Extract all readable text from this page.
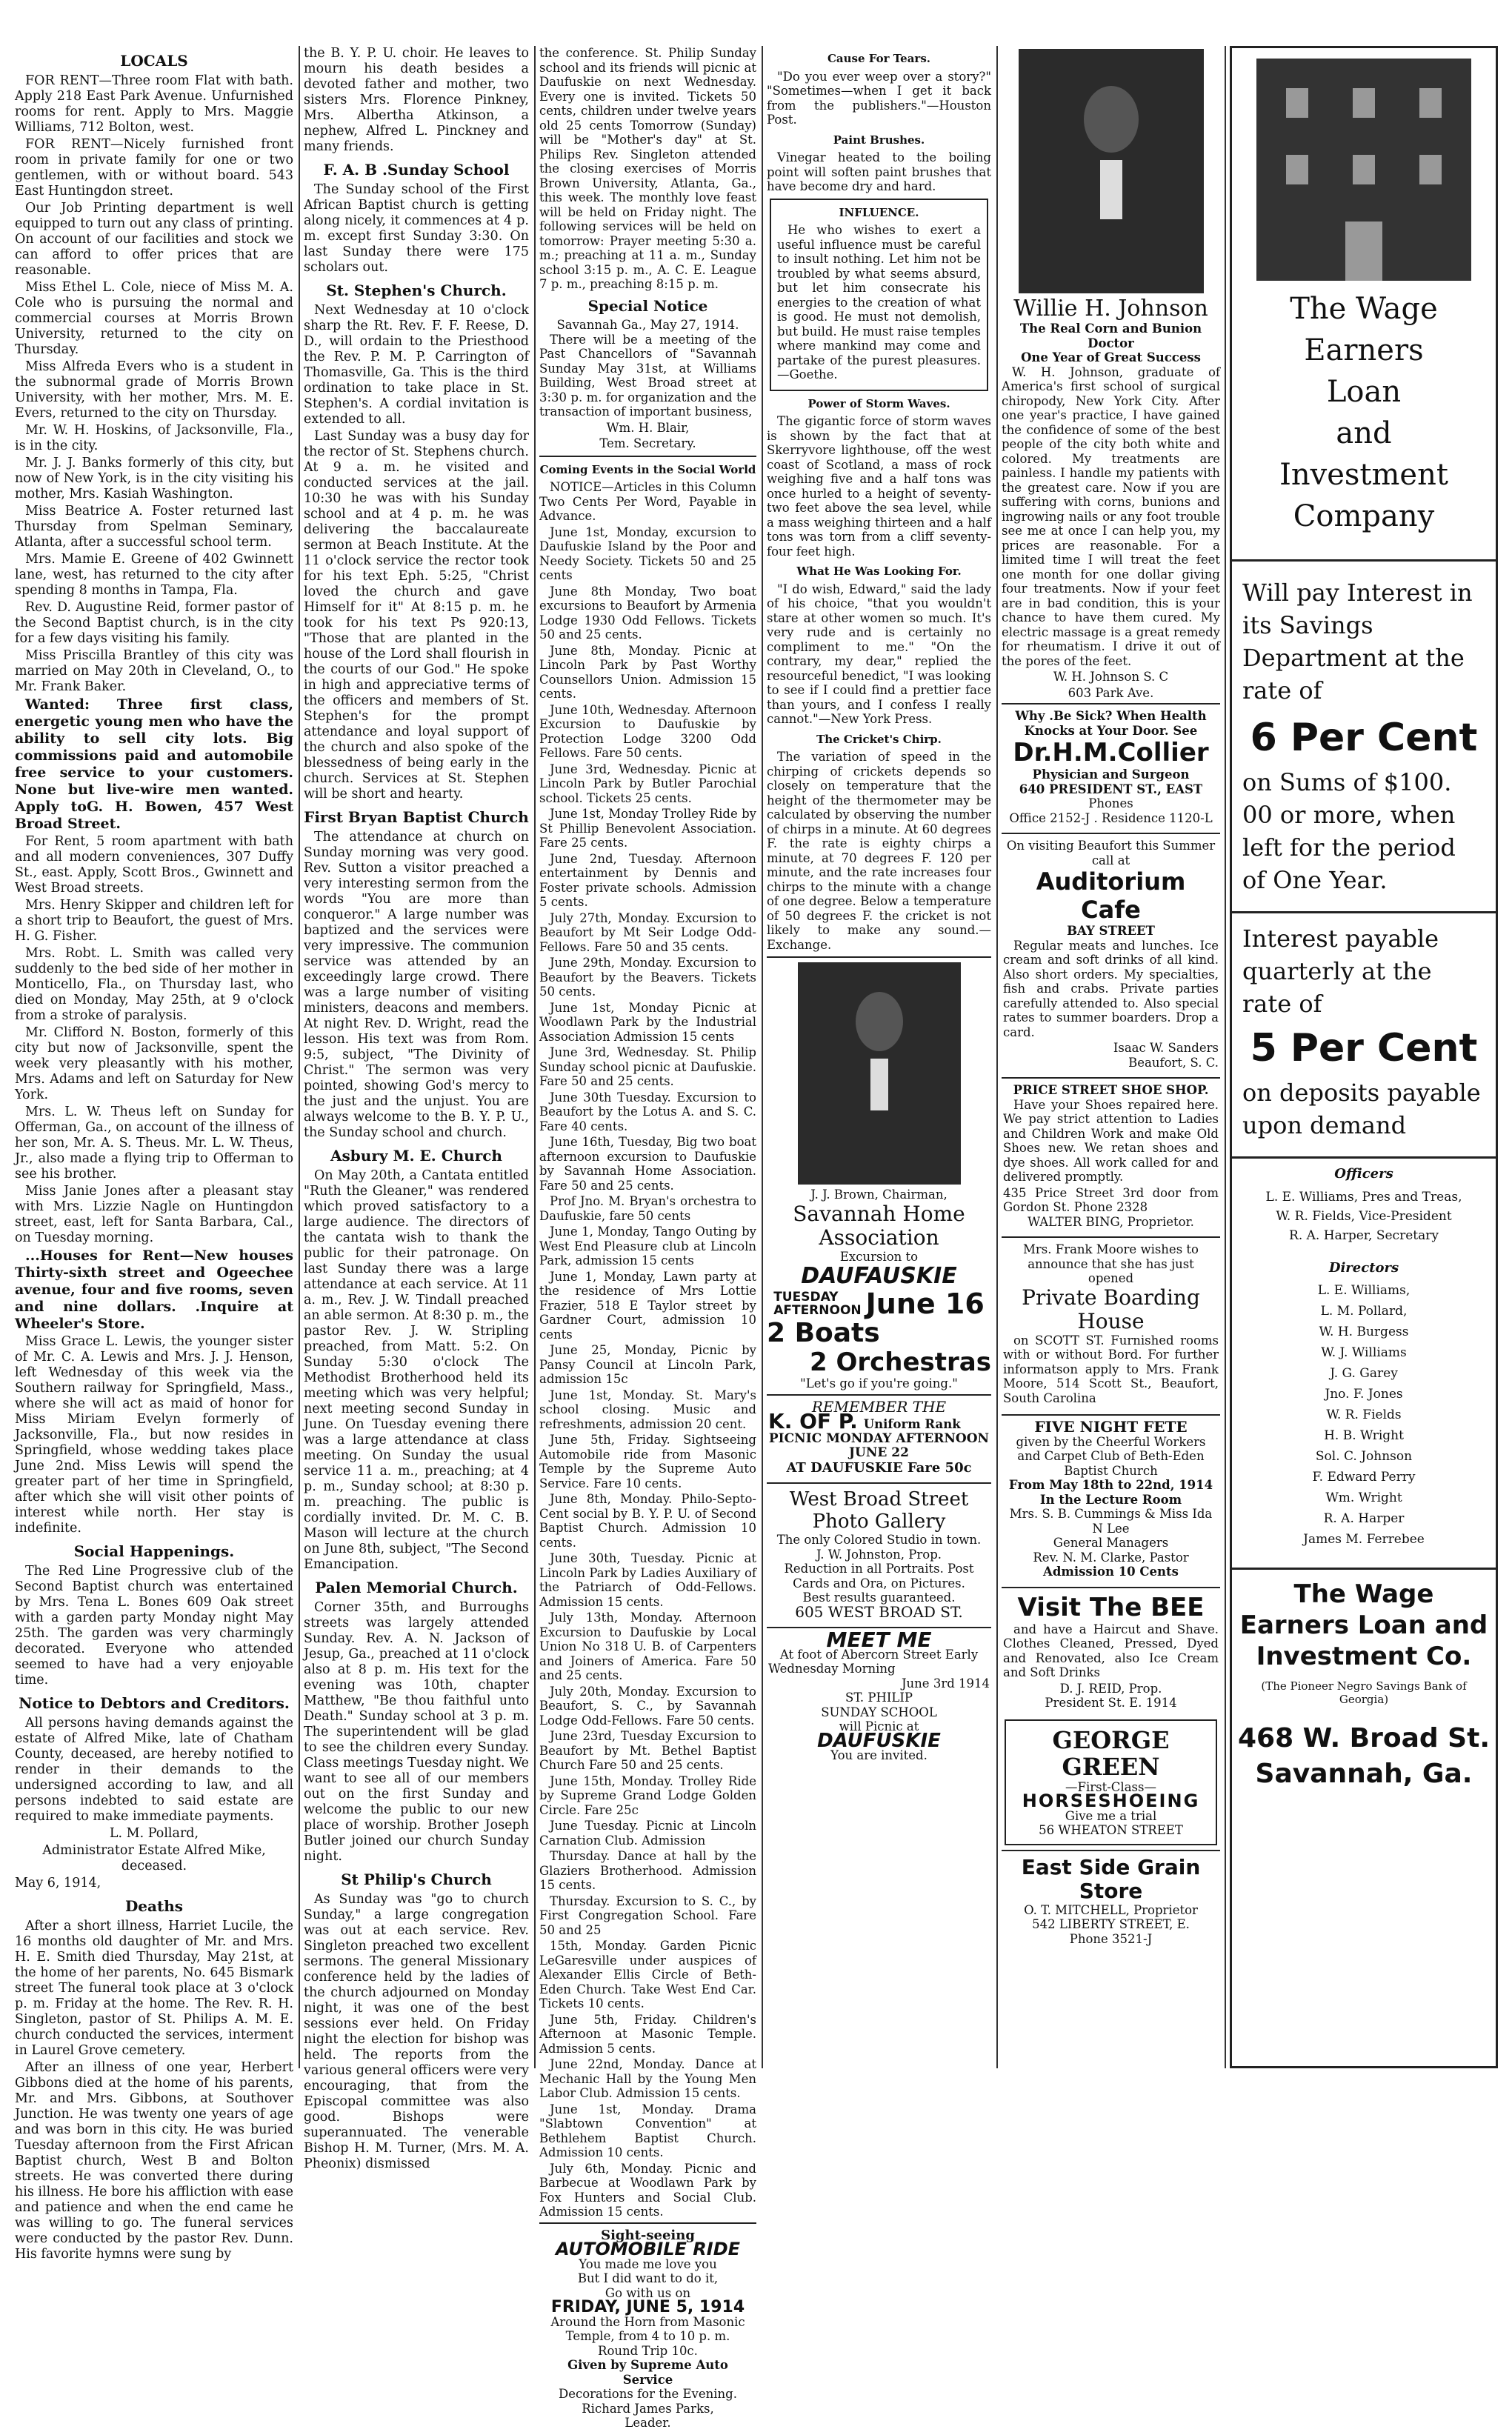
LOCALS

FOR RENT—Three room Flat with bath. Apply 218 East Park Avenue. Unfurnished rooms for rent. Apply to Mrs. Maggie Williams, 712 Bolton, west.

FOR RENT—Nicely furnished front room in private family for one or two gentlemen, with or without board. 543 East Huntingdon street.

Our Job Printing department is well equipped to turn out any class of printing. On account of our facilities and stock we can afford to offer prices that are reasonable.

Miss Ethel L. Cole, niece of Miss M. A. Cole who is pursuing the normal and commercial courses at Morris Brown University, returned to the city on Thursday.

Miss Alfreda Evers who is a student in the subnormal grade of Morris Brown University, with her mother, Mrs. M. E. Evers, returned to the city on Thursday.

Mr. W. H. Hoskins, of Jacksonville, Fla., is in the city.

Mr. J. J. Banks formerly of this city, but now of New York, is in the city visiting his mother, Mrs. Kasiah Washington.

Miss Beatrice A. Foster returned last Thursday from Spelman Seminary, Atlanta, after a successful school term.

Mrs. Mamie E. Greene of 402 Gwinnett lane, west, has returned to the city after spending 8 months in Tampa, Fla.

Rev. D. Augustine Reid, former pastor of the Second Baptist church, is in the city for a few days visiting his family.

Miss Priscilla Brantley of this city was married on May 20th in Cleveland, O., to Mr. Frank Baker.

Wanted: Three first class, energetic young men who have the ability to sell city lots. Big commissions paid and automobile free service to your customers. None but live-wire men wanted. Apply toG. H. Bowen, 457 West Broad Street.

For Rent, 5 room apartment with bath and all modern conveniences, 307 Duffy St., east. Apply, Scott Bros., Gwinnett and West Broad streets.

Mrs. Henry Skipper and children left for a short trip to Beaufort, the guest of Mrs. H. G. Fisher.

Mrs. Robt. L. Smith was called very suddenly to the bed side of her mother in Monticello, Fla., on Thursday last, who died on Monday, May 25th, at 9 o'clock from a stroke of paralysis.

Mr. Clifford N. Boston, formerly of this city but now of Jacksonville, spent the week very pleasantly with his mother, Mrs. Adams and left on Saturday for New York.

Mrs. L. W. Theus left on Sunday for Offerman, Ga., on account of the illness of her son, Mr. A. S. Theus. Mr. L. W. Theus, Jr., also made a flying trip to Offerman to see his brother.

Miss Janie Jones after a pleasant stay with Mrs. Lizzie Nagle on Huntingdon street, east, left for Santa Barbara, Cal., on Tuesday morning.

...Houses for Rent—New houses Thirty-sixth street and Ogeechee avenue, four and five rooms, seven and nine dollars. .Inquire at Wheeler's Store.

Miss Grace L. Lewis, the younger sister of Mr. C. A. Lewis and Mrs. J. J. Henson, left Wednesday of this week via the Southern railway for Springfield, Mass., where she will act as maid of honor for Miss Miriam Evelyn formerly of Jacksonville, Fla., but now resides in Springfield, whose wedding takes place June 2nd. Miss Lewis will spend the greater part of her time in Springfield, after which she will visit other points of interest while north. Her stay is indefinite.

Social Happenings.

The Red Line Progressive club of the Second Baptist church was entertained by Mrs. Tena L. Bones 609 Oak street with a garden party Monday night May 25th. The garden was very charmingly decorated. Everyone who attended seemed to have had a very enjoyable time.

Notice to Debtors and Creditors.

All persons having demands against the estate of Alfred Mike, late of Chatham County, deceased, are hereby notified to render in their demands to the undersigned according to law, and all persons indebted to said estate are required to make immediate payments.

L. M. Pollard,
Administrator Estate Alfred Mike, deceased.
May 6, 1914,
Deaths

After a short illness, Harriet Lucile, the 16 months old daughter of Mr. and Mrs. H. E. Smith died Thursday, May 21st, at the home of her parents, No. 645 Bismark street The funeral took place at 3 o'clock p. m. Friday at the home. The Rev. R. H. Singleton, pastor of St. Philips A. M. E. church conducted the services, interment in Laurel Grove cemetery.

After an illness of one year, Herbert Gibbons died at the home of his parents, Mr. and Mrs. Gibbons, at Southover Junction. He was twenty one years of age and was born in this city. He was buried Tuesday afternoon from the First African Baptist church, West B and Bolton streets. He was converted there during his illness. He bore his affliction with ease and patience and when the end came he was willing to go. The funeral services were conducted by the pastor Rev. Dunn. His favorite hymns were sung by

the B. Y. P. U. choir. He leaves to mourn his death besides a devoted father and mother, two sisters Mrs. Florence Pinkney, Mrs. Albertha Atkinson, a nephew, Alfred L. Pinckney and many friends.

F. A. B .Sunday School

The Sunday school of the First African Baptist church is getting along nicely, it commences at 4 p. m. except first Sunday 3:30. On last Sunday there were 175 scholars out.

St. Stephen's Church.

Next Wednesday at 10 o'clock sharp the Rt. Rev. F. F. Reese, D. D., will ordain to the Priesthood the Rev. P. M. P. Carrington of Thomasville, Ga. This is the third ordination to take place in St. Stephen's. A cordial invitation is extended to all.

Last Sunday was a busy day for the rector of St. Stephens church. At 9 a. m. he visited and conducted services at the jail. 10:30 he was with his Sunday school and at 4 p. m. he was delivering the baccalaureate sermon at Beach Institute. At the 11 o'clock service the rector took for his text Eph. 5:25, "Christ loved the church and gave Himself for it" At 8:15 p. m. he took for his text Ps 920:13, "Those that are planted in the house of the Lord shall flourish in the courts of our God." He spoke in high and appreciative terms of the officers and members of St. Stephen's for the prompt attendance and loyal support of the church and also spoke of the blessedness of being early in the church. Services at St. Stephen will be short and hearty.

First Bryan Baptist Church

The attendance at church on Sunday morning was very good. Rev. Sutton a visitor preached a very interesting sermon from the words "You are more than conqueror." A large number was baptized and the services were very impressive. The communion service was attended by an exceedingly large crowd. There was a large number of visiting ministers, deacons and members. At night Rev. D. Wright, read the lesson. His text was from Rom. 9:5, subject, "The Divinity of Christ." The sermon was very pointed, showing God's mercy to the just and the unjust. You are always welcome to the B. Y. P. U., the Sunday school and church.

Asbury M. E. Church

On May 20th, a Cantata entitled "Ruth the Gleaner," was rendered which proved satisfactory to a large audience. The directors of the cantata wish to thank the public for their patronage. On last Sunday there was a large attendance at each service. At 11 a. m., Rev. J. W. Tindall preached an able sermon. At 8:30 p. m., the pastor Rev. J. W. Stripling preached, from Matt. 5:2. On Sunday 5:30 o'clock The Methodist Brotherhood held its meeting which was very helpful; next meeting second Sunday in June. On Tuesday evening there was a large attendance at class meeting. On Sunday the usual service 11 a. m., preaching; at 4 p. m., Sunday school; at 8:30 p. m. preaching. The public is cordially invited. Dr. M. C. B. Mason will lecture at the church on June 8th, subject, "The Second Emancipation.

Palen Memorial Church.

Corner 35th, and Burroughs streets was largely attended Sunday. Rev. A. N. Jackson of Jesup, Ga., preached at 11 o'clock also at 8 p. m. His text for the evening was 10th, chapter Matthew, "Be thou faithful unto Death." Sunday school at 3 p. m. The superintendent will be glad to see the children every Sunday. Class meetings Tuesday night. We want to see all of our members out on the first Sunday and welcome the public to our new place of worship. Brother Joseph Butler joined our church Sunday night.

St Philip's Church

As Sunday was "go to church Sunday," a large congregation was out at each service. Rev. Singleton preached two excellent sermons. The general Missionary conference held by the ladies of the church adjourned on Monday night, it was one of the best sessions ever held. On Friday night the election for bishop was held. The reports from the various general officers were very encouraging, that from the Episcopal committee was also good. Bishops were superannuated. The venerable Bishop H. M. Turner, (Mrs. M. A. Pheonix) dismissed

the conference. St. Philip Sunday school and its friends will picnic at Daufuskie on next Wednesday. Every one is invited. Tickets 50 cents, children under twelve years old 25 cents Tomorrow (Sunday) will be "Mother's day" at St. Philips Rev. Singleton attended the closing exercises of Morris Brown University, Atlanta, Ga., this week. The monthly love feast will be held on Friday night. The following services will be held on tomorrow: Prayer meeting 5:30 a. m.; preaching at 11 a. m., Sunday school 3:15 p. m., A. C. E. League 7 p. m., preaching 8:15 p. m.

Special Notice
Savannah Ga., May 27, 1914.

There will be a meeting of the Past Chancellors of "Savannah Sunday May 31st, at Williams Building, West Broad street at 3:30 p. m. for organization and the transaction of important business,

Wm. H. Blair,
Tem. Secretary.
Coming Events in the Social World

NOTICE—Articles in this Column Two Cents Per Word, Payable in Advance.

June 1st, Monday, excursion to Daufuskie Island by the Poor and Needy Society. Tickets 50 and 25 cents

June 8th Monday, Two boat excursions to Beaufort by Armenia Lodge 1930 Odd Fellows. Tickets 50 and 25 cents.

June 8th, Monday. Picnic at Lincoln Park by Past Worthy Counsellors Union. Admission 15 cents.

June 10th, Wednesday. Afternoon Excursion to Daufuskie by Protection Lodge 3200 Odd Fellows. Fare 50 cents.

June 3rd, Wednesday. Picnic at Lincoln Park by Butler Parochial school. Tickets 25 cents.

June 1st, Monday Trolley Ride by St Phillip Benevolent Association. Fare 25 cents.

June 2nd, Tuesday. Afternoon entertainment by Dennis and Foster private schools. Admission 5 cents.

July 27th, Monday. Excursion to Beaufort by Mt Seir Lodge Odd-Fellows. Fare 50 and 35 cents.

June 29th, Monday. Excursion to Beaufort by the Beavers. Tickets 50 cents.

June 1st, Monday Picnic at Woodlawn Park by the Industrial Association Admission 15 cents

June 3rd, Wednesday. St. Philip Sunday school picnic at Daufuskie. Fare 50 and 25 cents.

June 30th Tuesday. Excursion to Beaufort by the Lotus A. and S. C. Fare 40 cents.

June 16th, Tuesday, Big two boat afternoon excursion to Daufuskie by Savannah Home Association. Fare 50 and 25 cents.

Prof Jno. M. Bryan's orchestra to Daufuskie, fare 50 cents

June 1, Monday, Tango Outing by West End Pleasure club at Lincoln Park, admission 15 cents

June 1, Monday, Lawn party at the residence of Mrs Lottie Frazier, 518 E Taylor street by Gardner Court, admission 10 cents

June 25, Monday, Picnic by Pansy Council at Lincoln Park, admission 15c

June 1st, Monday. St. Mary's school closing. Music and refreshments, admission 20 cent.

June 5th, Friday. Sightseeing Automobile ride from Masonic Temple by the Supreme Auto Service. Fare 10 cents.

June 8th, Monday. Philo-Septo-Cent social by B. Y. P. U. of Second Baptist Church. Admission 10 cents.

June 30th, Tuesday. Picnic at Lincoln Park by Ladies Auxiliary of the Patriarch of Odd-Fellows. Admission 15 cents.

July 13th, Monday. Afternoon Excursion to Daufuskie by Local Union No 318 U. B. of Carpenters and Joiners of America. Fare 50 and 25 cents.

July 20th, Monday. Excursion to Beaufort, S. C., by Savannah Lodge Odd-Fellows. Fare 50 cents.

June 23rd, Tuesday Excursion to Beaufort by Mt. Bethel Baptist Church Fare 50 and 25 cents.

June 15th, Monday. Trolley Ride by Supreme Grand Lodge Golden Circle. Fare 25c

June Tuesday. Picnic at Lincoln Carnation Club. Admission

Thursday. Dance at hall by the Glaziers Brotherhood. Admission 15 cents.

Thursday. Excursion to S. C., by First Congregation School. Fare 50 and 25

15th, Monday. Garden Picnic LeGaresville under auspices of Alexander Ellis Circle of Beth-Eden Church. Take West End Car. Tickets 10 cents.

June 5th, Friday. Children's Afternoon at Masonic Temple. Admission 5 cents.

June 22nd, Monday. Dance at Mechanic Hall by the Young Men Labor Club. Admission 15 cents.

June 1st, Monday. Drama "Slabtown Convention" at Bethlehem Baptist Church. Admission 10 cents.

July 6th, Monday. Picnic and Barbecue at Woodlawn Park by Fox Hunters and Social Club. Admission 15 cents.

Sight-seeing
AUTOMOBILE RIDE
You made me love you
But I did want to do it,
Go with us on
FRIDAY, JUNE 5, 1914
Around the Horn from Masonic
Temple, from 4 to 10 p. m.
Round Trip 10c.
Given by Supreme Auto Service
Decorations for the Evening.
Richard James Parks,
Leader.
Cause For Tears.

"Do you ever weep over a story?" "Sometimes—when I get it back from the publishers."—Houston Post.

Paint Brushes.

Vinegar heated to the boiling point will soften paint brushes that have become dry and hard.

INFLUENCE.

He who wishes to exert a useful influence must be careful to insult nothing. Let him not be troubled by what seems absurd, but let him consecrate his energies to the creation of what is good. He must not demolish, but build. He must raise temples where mankind may come and partake of the purest pleasures.—Goethe.

Power of Storm Waves.

The gigantic force of storm waves is shown by the fact that at Skerryvore lighthouse, off the west coast of Scotland, a mass of rock weighing five and a half tons was once hurled to a height of seventy-two feet above the sea level, while a mass weighing thirteen and a half tons was torn from a cliff seventy-four feet high.

What He Was Looking For.

"I do wish, Edward," said the lady of his choice, "that you wouldn't stare at other women so much. It's very rude and is certainly no compliment to me." "On the contrary, my dear," replied the resourceful benedict, "I was looking to see if I could find a prettier face than yours, and I confess I really cannot."—New York Press.

The Cricket's Chirp.

The variation of speed in the chirping of crickets depends so closely on temperature that the height of the thermometer may be calculated by observing the number of chirps in a minute. At 60 degrees F. the rate is eighty chirps a minute, at 70 degrees F. 120 per minute, and the rate increases four chirps to the minute with a change of one degree. Below a temperature of 50 degrees F. the cricket is not likely to make any sound.—Exchange.

J. J. Brown, Chairman,
Savannah Home
Association
Excursion to
DAUFAUSKIE
TUESDAY
AFTERNOON June 16
2 Boats
2 Orchestras
"Let's go if you're going."
REMEMBER THE
K. OF P. Uniform Rank
PICNIC MONDAY AFTERNOON JUNE 22
AT DAUFUSKIE Fare 50c
West Broad Street
Photo Gallery
The only Colored Studio in town.
J. W. Johnston, Prop.
Reduction in all Portraits. Post Cards and Ora, on Pictures.
Best results guaranteed.
605 WEST BROAD ST.
MEET ME
At foot of Abercorn Street Early
Wednesday Morning
June 3rd 1914
ST. PHILIP
SUNDAY SCHOOL
will Picnic at
DAUFUSKIE
You are invited.
Willie H. Johnson
The Real Corn and Bunion Doctor
One Year of Great Success

W. H. Johnson, graduate of America's first school of surgical chiropody, New York City. After one year's practice, I have gained the confidence of some of the best people of the city both white and colored. My treatments are painless. I handle my patients with the greatest care. Now if you are suffering with corns, bunions and ingrowing nails or any foot trouble see me at once I can help you, my prices are reasonable. For a limited time I will treat the feet one month for one dollar giving four treatments. Now if your feet are in bad condition, this is your chance to have them cured. My electric massage is a great remedy for rheumatism. I drive it out of the pores of the feet.

W. H. Johnson S. C
603 Park Ave.
Why .Be Sick? When Health Knocks at Your Door. See
Dr.H.M.Collier
Physician and Surgeon
640 PRESIDENT ST., EAST
Phones
Office 2152-J . Residence 1120-L
On visiting Beaufort this Summer call at
Auditorium Cafe
BAY STREET

Regular meats and lunches. Ice cream and soft drinks of all kind. Also short orders. My specialties, fish and crabs. Private parties carefully attended to. Also special rates to summer boarders. Drop a card.

Isaac W. Sanders
Beaufort, S. C.
PRICE STREET SHOE SHOP.

Have your Shoes repaired here. We pay strict attention to Ladies and Children Work and make Old Shoes new. We retan shoes and dye shoes. All work called for and delivered promptly.

435 Price Street 3rd door from Gordon St. Phone 2328
WALTER BING, Proprietor.
Mrs. Frank Moore wishes to announce that she has just opened
Private Boarding
House

on SCOTT ST. Furnished rooms with or without Bord. For further informatson apply to Mrs. Frank Moore, 514 Scott St., Beaufort, South Carolina

FIVE NIGHT FETE
given by the Cheerful Workers and Carpet Club of Beth-Eden Baptist Church
From May 18th to 22nd, 1914
In the Lecture Room
Mrs. S. B. Cummings & Miss Ida N Lee
General Managers
Rev. N. M. Clarke, Pastor
Admission 10 Cents
Visit The BEE

and have a Haircut and Shave. Clothes Cleaned, Pressed, Dyed and Renovated, also Ice Cream and Soft Drinks

D. J. REID, Prop.
President St. E. 1914
GEORGE GREEN
—First-Class—
HORSESHOEING
Give me a trial
56 WHEATON STREET
East Side Grain
Store
O. T. MITCHELL, Proprietor
542 LIBERTY STREET, E.
Phone 3521-J
The Wage
Earners
Loan
and
Investment
Company
Will pay Interest in its Savings Department at the rate of
6 Per Cent
on Sums of $100. 00 or more, when left for the period of One Year.
Interest payable quarterly at the rate of
5 Per Cent
on deposits payable upon demand
Officers
L. E. Williams, Pres and Treas,
W. R. Fields, Vice-President
R. A. Harper, Secretary
Directors
L. E. Williams,
L. M. Pollard,
W. H. Burgess
W. J. Williams
J. G. Garey
Jno. F. Jones
W. R. Fields
H. B. Wright
Sol. C. Johnson
F. Edward Perry
Wm. Wright
R. A. Harper
James M. Ferrebee
The Wage Earners Loan and Investment Co.
(The Pioneer Negro Savings Bank of Georgia)
468 W. Broad St.
Savannah, Ga.
